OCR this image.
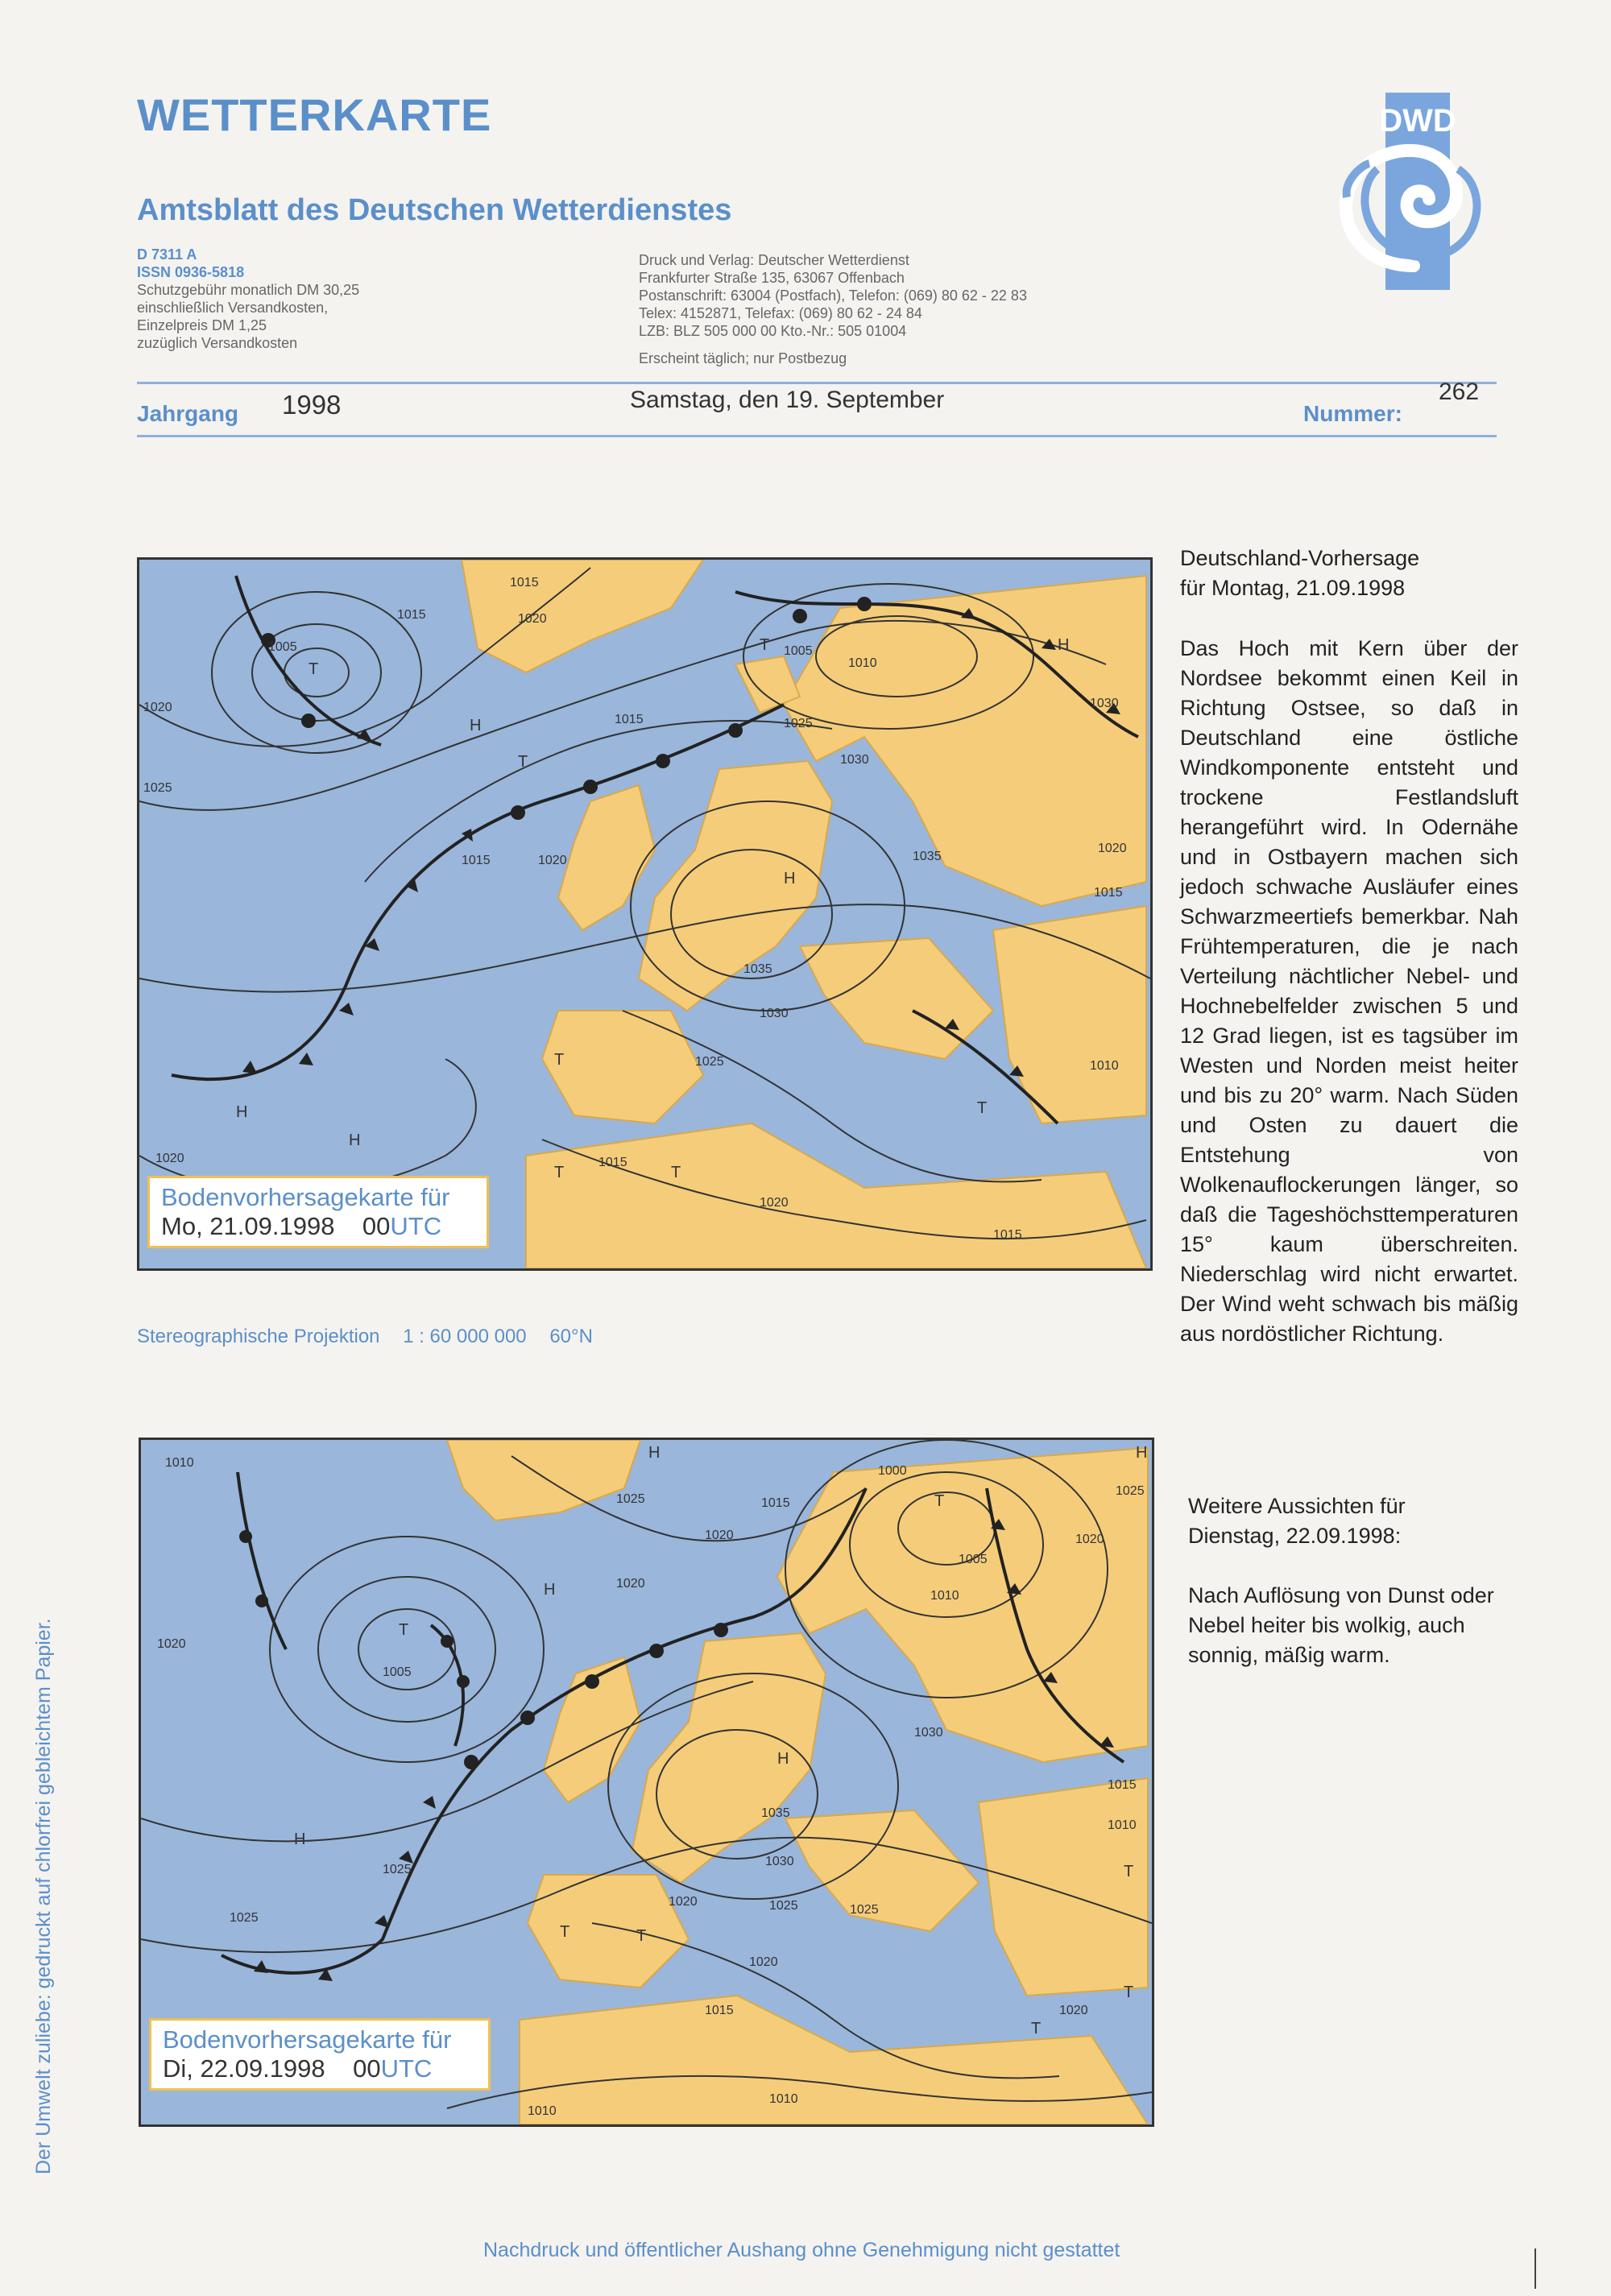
WETTERKARTE
Amtsblatt des Deutschen Wetterdienstes
DWD
D 7311 A
ISSN 0936-5818
Schutzgebühr monatlich DM 30,25
einschließlich Versandkosten,
Einzelpreis DM 1,25
zuzüglich Versandkosten
Druck und Verlag: Deutscher Wetterdienst
Frankfurter Straße 135, 63067 Offenbach
Postanschrift: 63004 (Postfach), Telefon: (069) 80 62 - 22 83
Telex: 4152871, Telefax: (069) 80 62 - 24 84
LZB: BLZ 505 000 00 Kto.-Nr.: 505 01004
Erscheint täglich; nur Postbezug
Jahrgang 1998	Samstag, den 19. September
Nummer:
262
1020
1015
1015
1005
1020
1025
1005
1010
1015	1025
1030
1015
1020
1035
1030
1020
1015
1035
1030
1025	1010
1020	1015
1020
1015
H
H
H
H
H
T
T
T
T
T	T
T
Bodenvorhersagekarte für
Mo, 21.09.1998 00UTC
Stereographische Projektion 1 : 60 000 000 60°N
1010
1025	1015
1000
1025
1020	1020
1020
1005
1005
1010
1020
1030
1015
1010
1035
1030
1025
1025
1025
1020
1025
1020
1015
1010
1010
1020
H
H
H
H
H
T
T
T	T
T
T
T
Bodenvorhersagekarte für
Di, 22.09.1998 00UTC
Deutschland-Vorhersage
für Montag, 21.09.1998
Das Hoch mit Kern über der Nordsee bekommt einen Keil in Richtung Ostsee, so daß in Deutschland eine östliche Windkomponente entsteht und trockene Festlandsluft herangeführt wird. In Odernähe und in Ostbayern machen sich jedoch schwache Ausläufer eines Schwarzmeertiefs bemerkbar. Nah Frühtemperaturen, die je nach Verteilung nächtlicher Nebel- und Hochnebelfelder zwischen 5 und 12 Grad liegen, ist es tagsüber im Westen und Norden meist heiter und bis zu 20° warm. Nach Süden und Osten zu dauert die Entstehung von Wolkenauflockerungen länger, so daß die Tageshöchsttemperaturen 15° kaum überschreiten. Niederschlag wird nicht erwartet. Der Wind weht schwach bis mäßig aus nordöstlicher Richtung.
Weitere Aussichten für
Dienstag, 22.09.1998:
Nach Auflösung von Dunst oder Nebel heiter bis wolkig, auch sonnig, mäßig warm.
Der Umwelt zuliebe: gedruckt auf chlorfrei gebleichtem Papier.
Nachdruck und öffentlicher Aushang ohne Genehmigung nicht gestattet
